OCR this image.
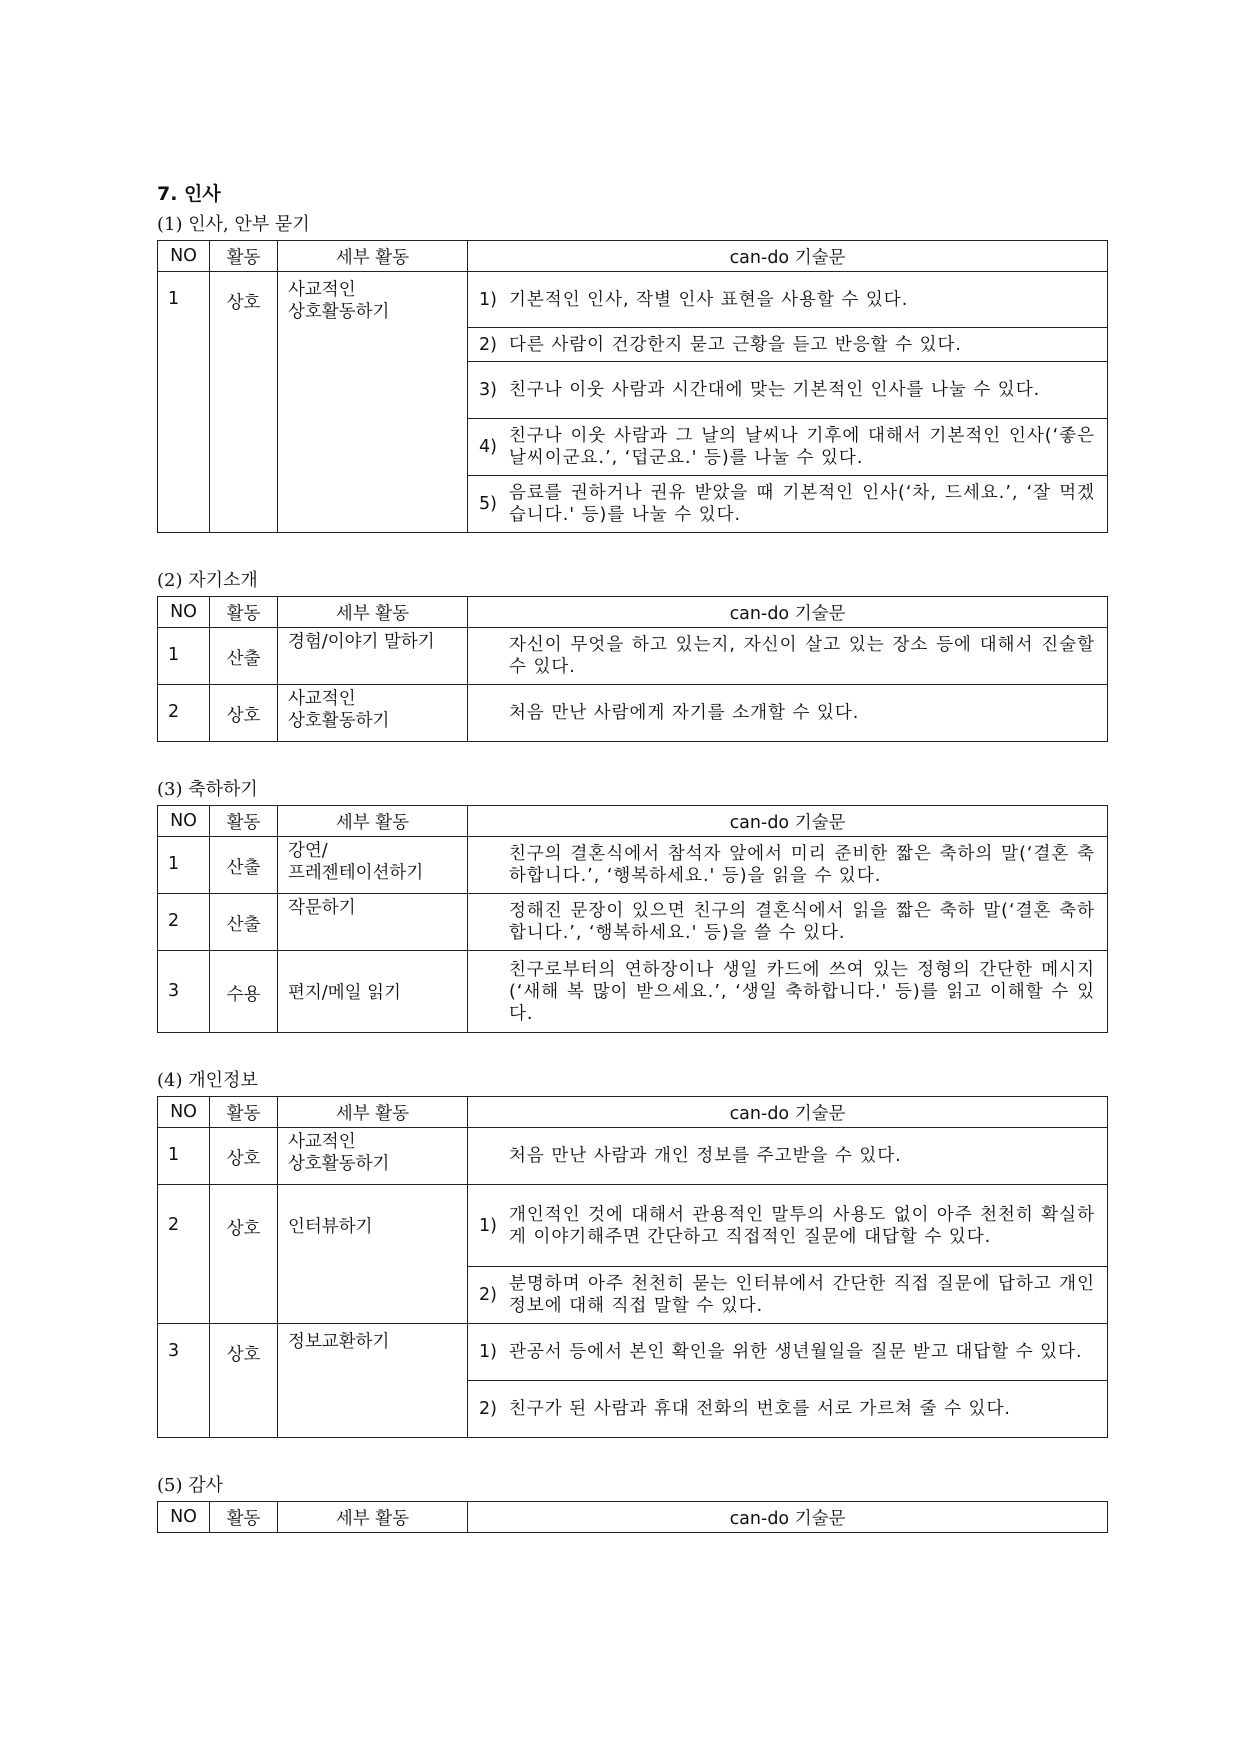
7. 인사
(1) 인사, 안부 묻기
NO	활동	세부 활동	can-do 기술문
1	상호	사교적인 상호활동하기	1) 기본적인 인사, 작별 인사 표현을 사용할 수 있다.

			2) 다른 사람이 건강한지 묻고 근황을 듣고 반응할 수 있다.

			3) 친구나 이웃 사람과 시간대에 맞는 기본적인 인사를 나눌 수 있다.

			4)
친구나 이웃 사람과 그 날의 날씨나 기후에 대해서 기본적인 인사(‘좋은 날씨이군요.’, ‘덥군요.' 등)를 나눌 수 있다.

			5)
음료를 권하거나 권유 받았을 때 기본적인 인사(‘차, 드세요.’, ‘잘 먹겠습니다.' 등)를 나눌 수 있다.
(2) 자기소개
NO	활동	세부 활동	can-do 기술문
1	산출	경험/이야기 말하기	자신이 무엇을 하고 있는지, 자신이 살고 있는 장소 등에 대해서 진술할 수 있다.

2	상호	사교적인 상호활동하기	처음 만난 사람에게 자기를 소개할 수 있다.
(3) 축하하기
NO	활동	세부 활동	can-do 기술문
1	산출	강연/프레젠테이션하기	친구의 결혼식에서 참석자 앞에서 미리 준비한 짧은 축하의 말(‘결혼 축하합니다.’, ‘행복하세요.' 등)을 읽을 수 있다.

2	산출	작문하기	정해진 문장이 있으면 친구의 결혼식에서 읽을 짧은 축하 말(‘결혼 축하합니다.’, ‘행복하세요.' 등)을 쓸 수 있다.

3	수용	편지/메일 읽기	친구로부터의 연하장이나 생일 카드에 쓰여 있는 정형의 간단한 메시지(‘새해 복 많이 받으세요.’, ‘생일 축하합니다.' 등)를 읽고 이해할 수 있다.
(4) 개인정보
NO	활동	세부 활동	can-do 기술문
1	상호	사교적인 상호활동하기	처음 만난 사람과 개인 정보를 주고받을 수 있다.

2	상호	인터뷰하기	1)
개인적인 것에 대해서 관용적인 말투의 사용도 없이 아주 천천히 확실하게 이야기해주면 간단하고 직접적인 질문에 대답할 수 있다.

			2)
분명하며 아주 천천히 묻는 인터뷰에서 간단한 직접 질문에 답하고 개인정보에 대해 직접 말할 수 있다.

3	상호	정보교환하기	1) 관공서 등에서 본인 확인을 위한 생년월일을 질문 받고 대답할 수 있다.

			2) 친구가 된 사람과 휴대 전화의 번호를 서로 가르쳐 줄 수 있다.
(5) 감사
NO	활동	세부 활동	can-do 기술문
